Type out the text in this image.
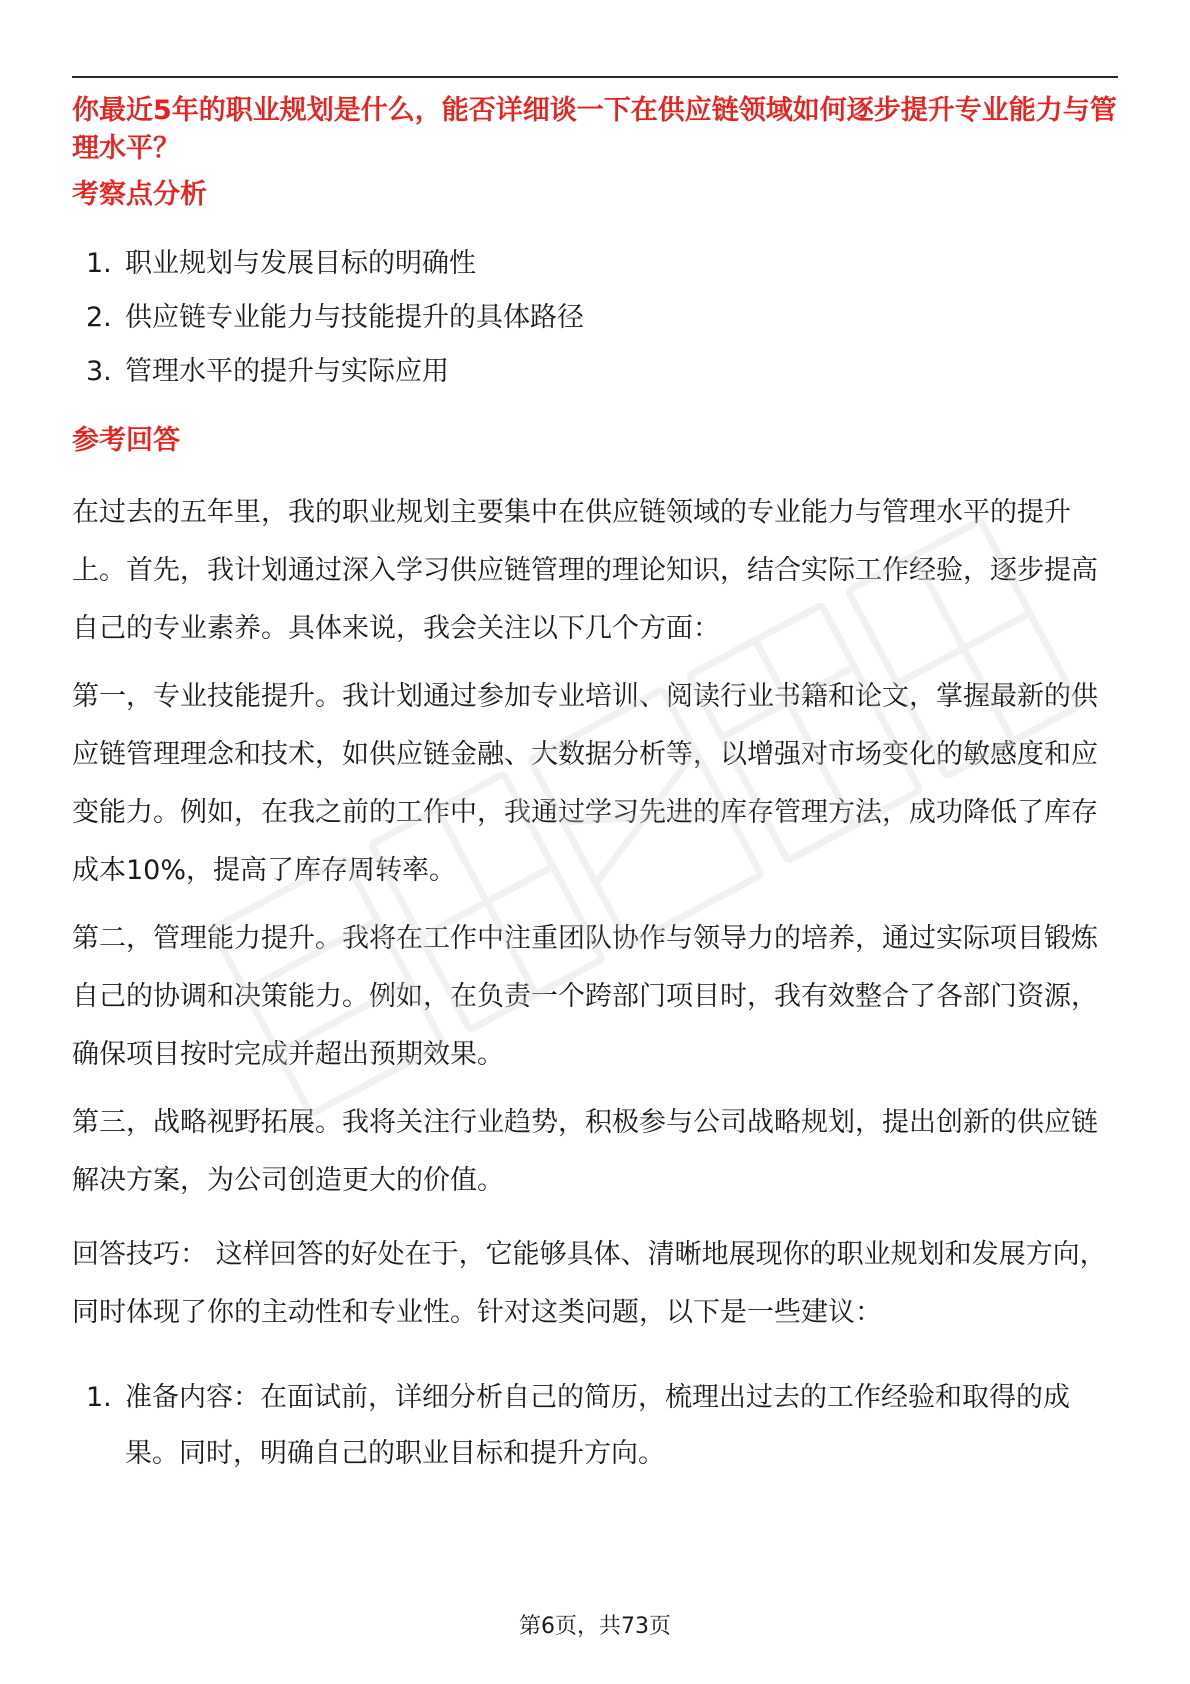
你最近5年的职业规划是什么，能否详细谈一下在供应链领域如何逐步提升专业能力与管理水平？
考察点分析
1. 职业规划与发展目标的明确性
2. 供应链专业能力与技能提升的具体路径
3. 管理水平的提升与实际应用
参考回答

在过去的五年里，我的职业规划主要集中在供应链领域的专业能力与管理水平的提升上。首先，我计划通过深入学习供应链管理的理论知识，结合实际工作经验，逐步提高自己的专业素养。具体来说，我会关注以下几个方面：

第一，专业技能提升。我计划通过参加专业培训、阅读行业书籍和论文，掌握最新的供应链管理理念和技术，如供应链金融、大数据分析等，以增强对市场变化的敏感度和应变能力。例如，在我之前的工作中，我通过学习先进的库存管理方法，成功降低了库存成本10%，提高了库存周转率。

第二，管理能力提升。我将在工作中注重团队协作与领导力的培养，通过实际项目锻炼自己的协调和决策能力。例如，在负责一个跨部门项目时，我有效整合了各部门资源，确保项目按时完成并超出预期效果。

第三，战略视野拓展。我将关注行业趋势，积极参与公司战略规划，提出创新的供应链解决方案，为公司创造更大的价值。

回答技巧： 这样回答的好处在于，它能够具体、清晰地展现你的职业规划和发展方向，同时体现了你的主动性和专业性。针对这类问题，以下是一些建议：

1. 准备内容：在面试前，详细分析自己的简历，梳理出过去的工作经验和取得的成果。同时，明确自己的职业目标和提升方向。
第6页，共73页
